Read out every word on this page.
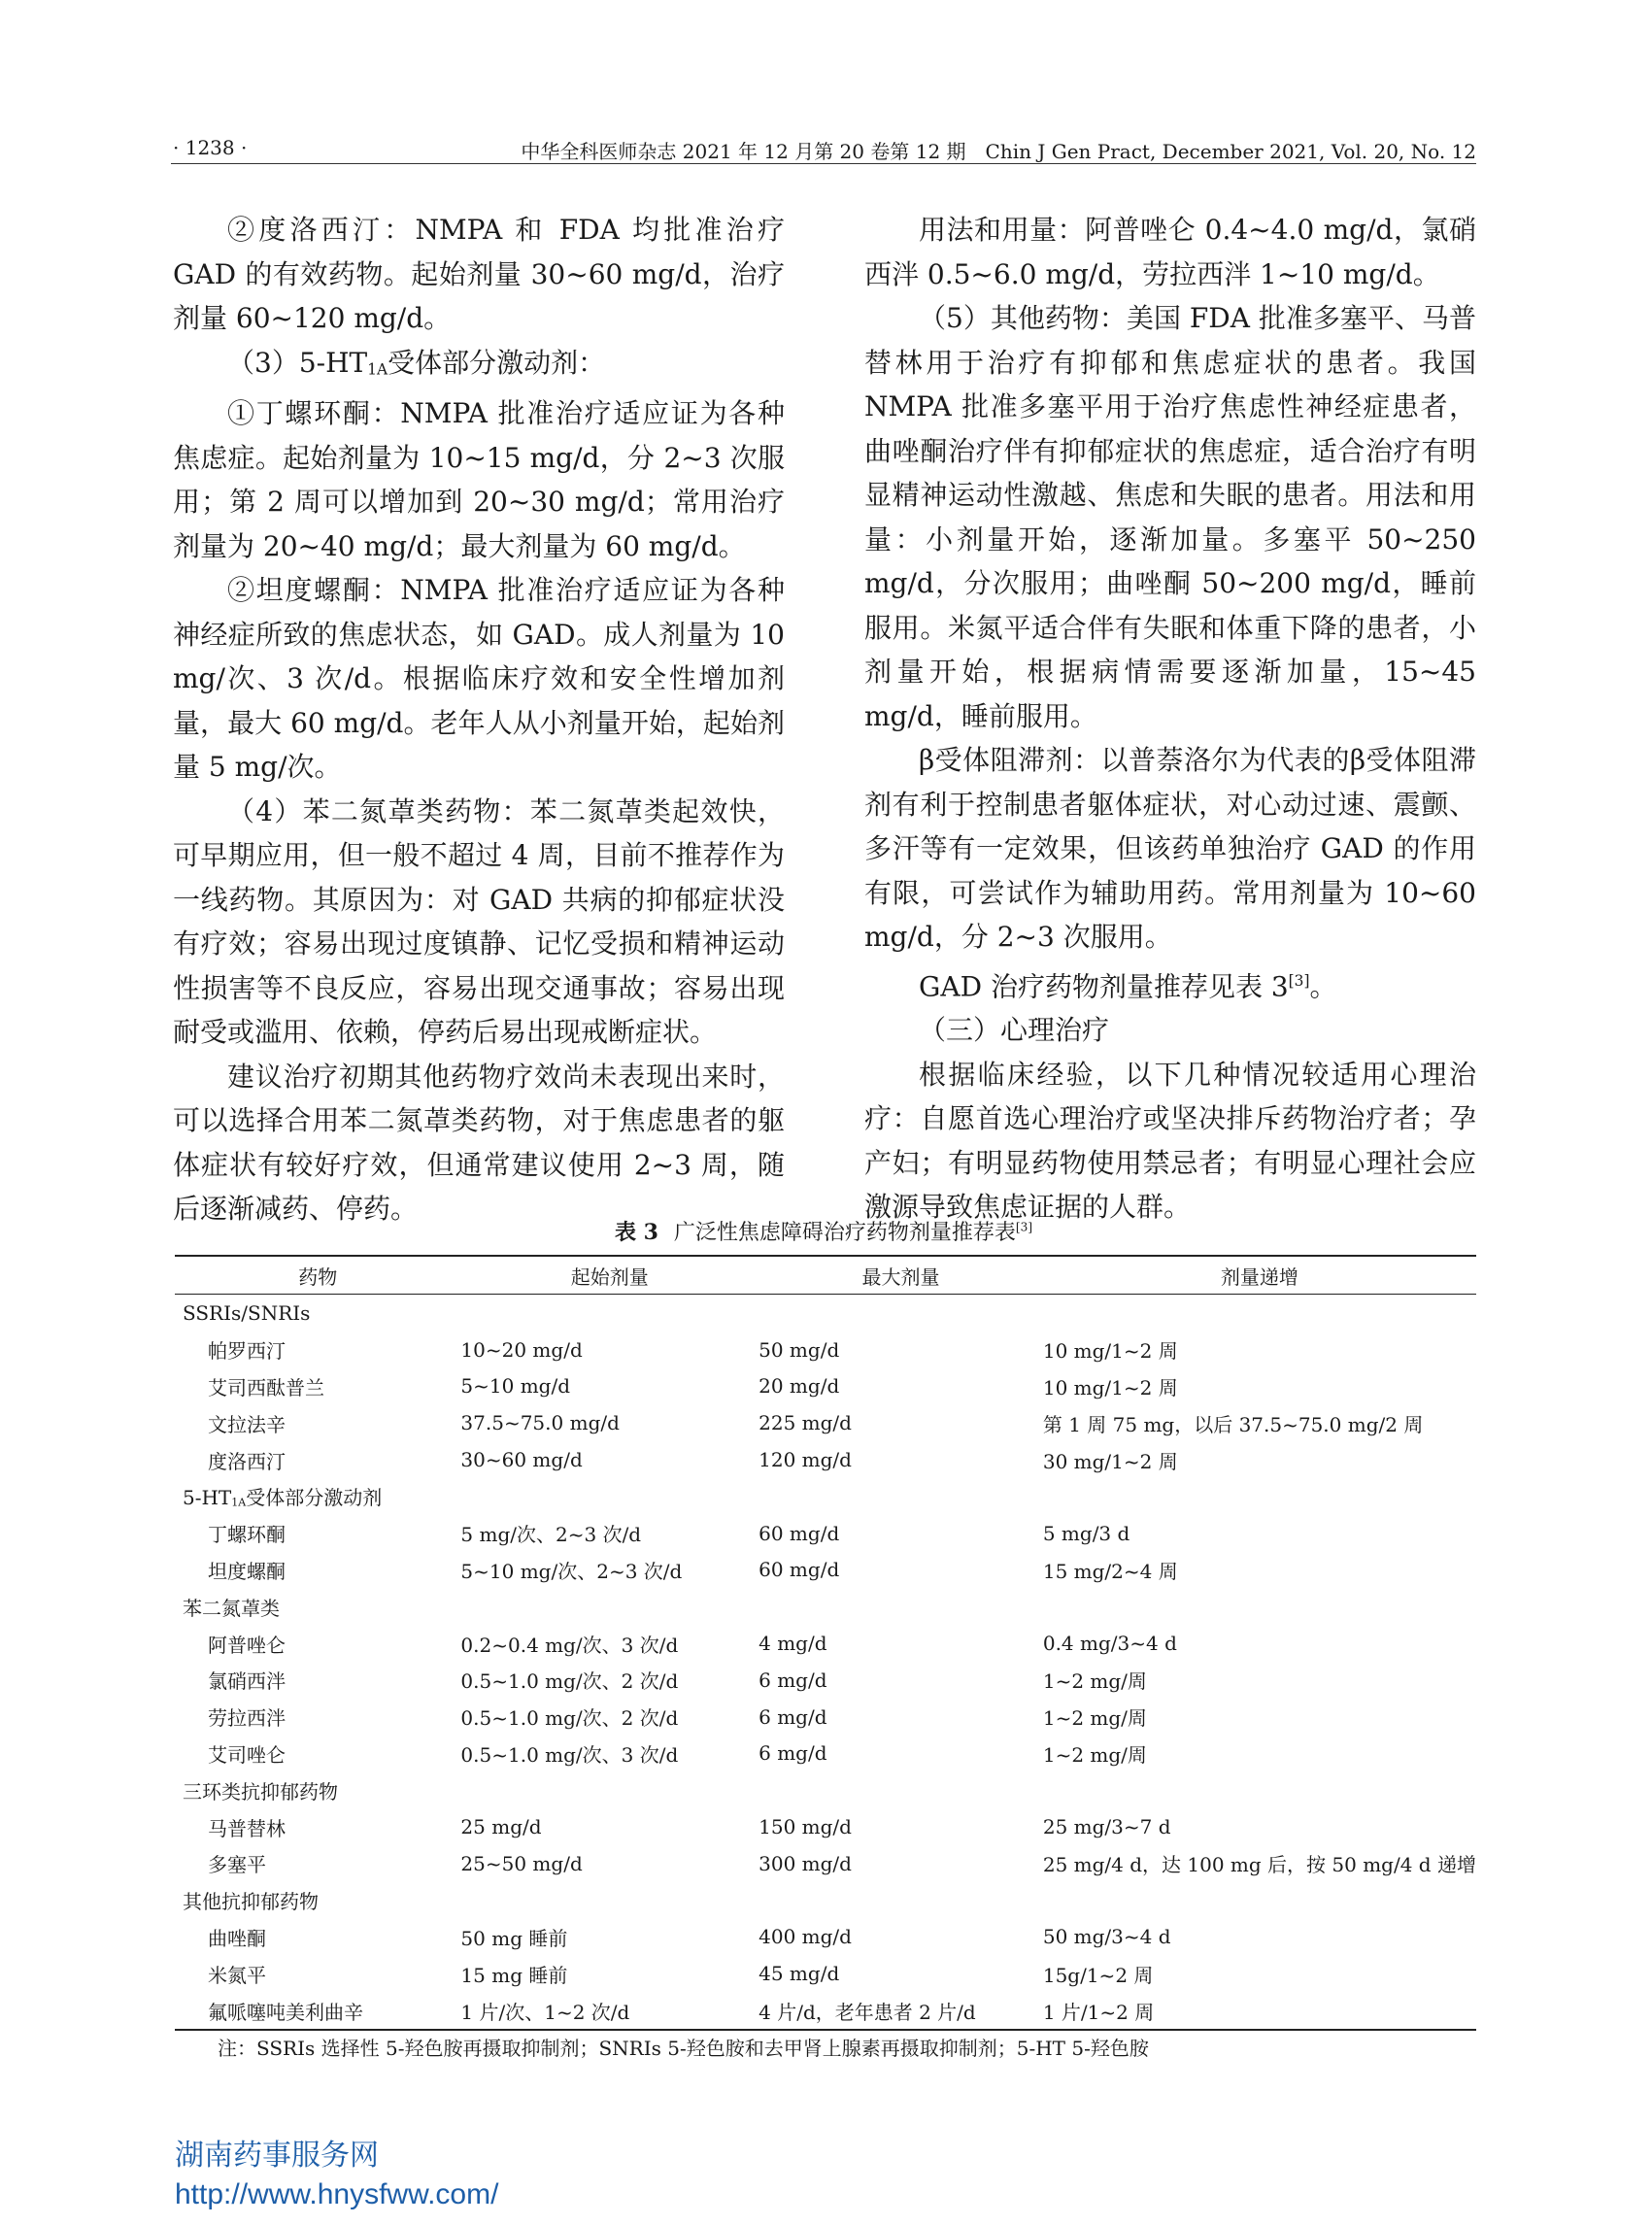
· 1238 ·	中华全科医师杂志 2021 年 12 月第 20 卷第 12 期　Chin J Gen Pract, December 2021, Vol. 20, No. 12

②度洛西汀：NMPA 和 FDA 均批准治疗 GAD 的有效药物。起始剂量 30~60 mg/d，治疗剂量 60~120 mg/d。

$(3)5-HT_{1A}$受体部分激动剂：

①丁螺环酮：NMPA 批准治疗适应证为各种焦虑症。起始剂量为 10~15 mg/d，分 2~3 次服用；第 2 周可以增加到 20~30 mg/d；常用治疗剂量为 20~40 mg/d；最大剂量为 60 mg/d。

②坦度螺酮：NMPA 批准治疗适应证为各种神经症所致的焦虑状态，如 GAD。成人剂量为 10 mg/次、3 次/d。根据临床疗效和安全性增加剂量，最大 60 mg/d。老年人从小剂量开始，起始剂量 5 mg/次。

（4）苯二氮䓬类药物：苯二氮䓬类起效快，可早期应用，但一般不超过 4 周，目前不推荐作为一线药物。其原因为：对 GAD 共病的抑郁症状没有疗效；容易出现过度镇静、记忆受损和精神运动性损害等不良反应，容易出现交通事故；容易出现耐受或滥用、依赖，停药后易出现戒断症状。

建议治疗初期其他药物疗效尚未表现出来时，可以选择合用苯二氮䓬类药物，对于焦虑患者的躯体症状有较好疗效，但通常建议使用 2~3 周，随后逐渐减药、停药。

用法和用量：阿普唑仑 0.4~4.0 mg/d，氯硝西泮 0.5~6.0 mg/d，劳拉西泮 1~10 mg/d。

（5）其他药物：美国 FDA 批准多塞平、马普替林用于治疗有抑郁和焦虑症状的患者。我国 NMPA 批准多塞平用于治疗焦虑性神经症患者，曲唑酮治疗伴有抑郁症状的焦虑症，适合治疗有明显精神运动性激越、焦虑和失眠的患者。用法和用量：小剂量开始，逐渐加量。多塞平 50~250 mg/d，分次服用；曲唑酮 50~200 mg/d，睡前服用。米氮平适合伴有失眠和体重下降的患者，小剂量开始，根据病情需要逐渐加量，15~45 mg/d，睡前服用。

β受体阻滞剂：以普萘洛尔为代表的β受体阻滞剂有利于控制患者躯体症状，对心动过速、震颤、多汗等有一定效果，但该药单独治疗 GAD 的作用有限，可尝试作为辅助用药。常用剂量为 10~60 mg/d，分 2~3 次服用。

GAD 治疗药物剂量推荐见表 3[3]。

（三）心理治疗

根据临床经验，以下几种情况较适用心理治疗：自愿首选心理治疗或坚决排斥药物治疗者；孕产妇；有明显药物使用禁忌者；有明显心理社会应激源导致焦虑证据的人群。

表 3 广泛性焦虑障碍治疗药物剂量推荐表[3]
药物	起始剂量	最大剂量	剂量递增
SSRIs/SNRIs			
帕罗西汀	10~20 mg/d	50 mg/d	10 mg/1~2 周
艾司西酞普兰	5~10 mg/d	20 mg/d	10 mg/1~2 周
文拉法辛	37.5~75.0 mg/d	225 mg/d	第 1 周 75 mg，以后 37.5~75.0 mg/2 周
度洛西汀	30~60 mg/d	120 mg/d	30 mg/1~2 周
$5-HT_{1A}$受体部分激动剂			
丁螺环酮	5 mg/次、2~3 次/d	60 mg/d	5 mg/3 d
坦度螺酮	5~10 mg/次、2~3 次/d	60 mg/d	15 mg/2~4 周
苯二氮䓬类			
阿普唑仑	0.2~0.4 mg/次、3 次/d	4 mg/d	0.4 mg/3~4 d
氯硝西泮	0.5~1.0 mg/次、2 次/d	6 mg/d	1~2 mg/周
劳拉西泮	0.5~1.0 mg/次、2 次/d	6 mg/d	1~2 mg/周
艾司唑仑	0.5~1.0 mg/次、3 次/d	6 mg/d	1~2 mg/周
三环类抗抑郁药物			
马普替林	25 mg/d	150 mg/d	25 mg/3~7 d
多塞平	25~50 mg/d	300 mg/d	25 mg/4 d，达 100 mg 后，按 50 mg/4 d 递增
其他抗抑郁药物			
曲唑酮	50 mg 睡前	400 mg/d	50 mg/3~4 d
米氮平	15 mg 睡前	45 mg/d	15g/1~2 周
氟哌噻吨美利曲辛	1 片/次、1~2 次/d	4 片/d，老年患者 2 片/d	1 片/1~2 周
注：SSRIs 选择性 5-羟色胺再摄取抑制剂；SNRIs 5-羟色胺和去甲肾上腺素再摄取抑制剂；5-HT 5-羟色胺
湖南药事服务网
http://www.hnysfww.com/
